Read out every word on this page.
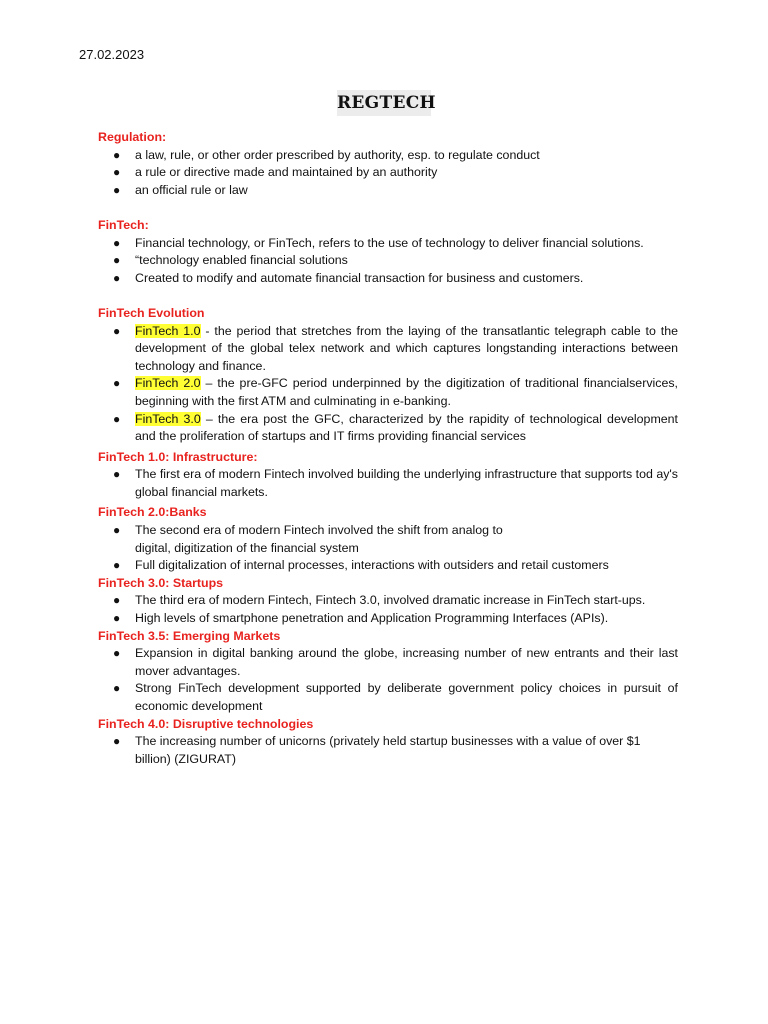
27.02.2023
REGTECH
Regulation:
● a law, rule, or other order prescribed by authority, esp. to regulate conduct
● a rule or directive made and maintained by an authority
● an official rule or law
FinTech:
● Financial technology, or FinTech, refers to the use of technology to deliver financial solutions.
● “technology enabled financial solutions
● Created to modify and automate financial transaction for business and customers.
FinTech Evolution
● FinTech 1.0 - the period that stretches from the laying of the transatlantic telegraph cable to the development of the global telex network and which captures longstanding interactions between technology and finance.
● FinTech 2.0 – the pre-GFC period underpinned by the digitization of traditional financialservices, beginning with the first ATM and culminating in e-banking.
● FinTech 3.0 – the era post the GFC, characterized by the rapidity of technological development and the proliferation of startups and IT firms providing financial services
FinTech 1.0: Infrastructure:
● The first era of modern Fintech involved building the underlying infrastructure that supports tod ay's global financial markets.
FinTech 2.0:Banks
● The second era of modern Fintech involved the shift from analog to
digital, digitization of the financial system
● Full digitalization of internal processes, interactions with outsiders and retail customers
FinTech 3.0: Startups
● The third era of modern Fintech, Fintech 3.0, involved dramatic increase in FinTech start-ups.
● High levels of smartphone penetration and Application Programming Interfaces (APIs).
FinTech 3.5: Emerging Markets
● Expansion in digital banking around the globe, increasing number of new entrants and their last mover advantages.
● Strong FinTech development supported by deliberate government policy choices in pursuit of economic development
FinTech 4.0: Disruptive technologies
● The increasing number of unicorns (privately held startup businesses with a value of over $1 billion) (ZIGURAT)
